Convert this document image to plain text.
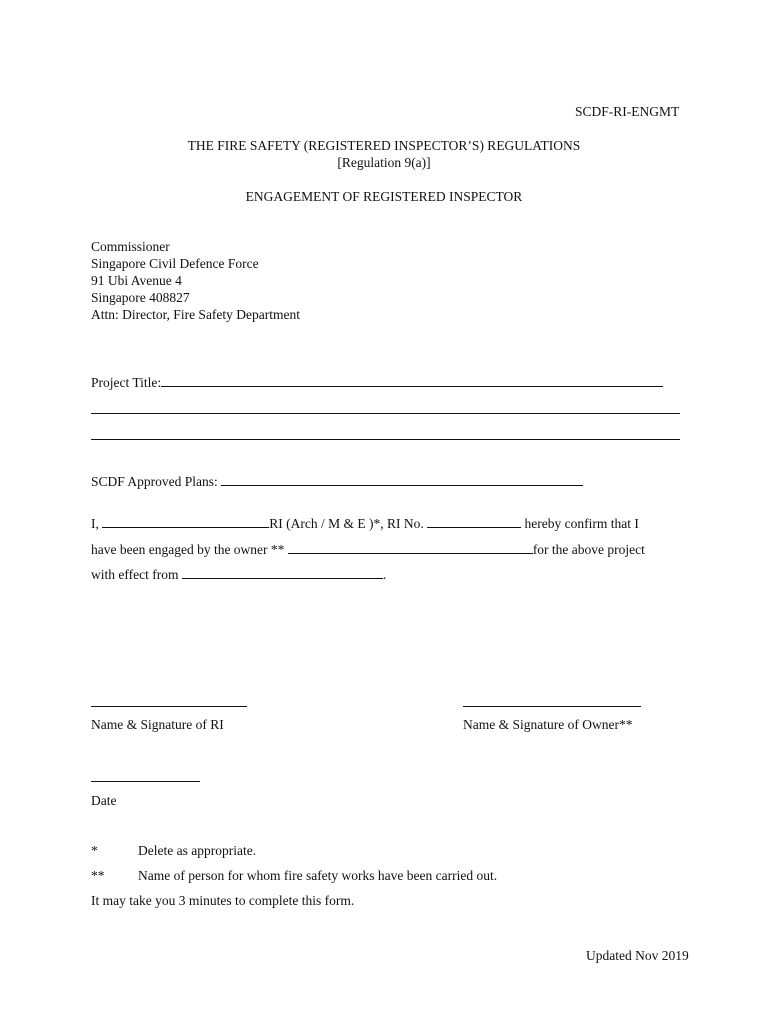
SCDF-RI-ENGMT
THE FIRE SAFETY (REGISTERED INSPECTOR’S) REGULATIONS
[Regulation 9(a)]
ENGAGEMENT OF REGISTERED INSPECTOR
Commissioner
Singapore Civil Defence Force
91 Ubi Avenue 4
Singapore 408827
Attn: Director, Fire Safety Department
Project Title:
SCDF Approved Plans:
I,	RI (Arch / M & E )*, RI No.	hereby confirm that I
have been engaged by the owner **	for the above project
with effect from	.
Name & Signature of RI	Name & Signature of Owner**
Date
*	Delete as appropriate.
** Name of person for whom fire safety works have been carried out.
It may take you 3 minutes to complete this form.
Updated Nov 2019
